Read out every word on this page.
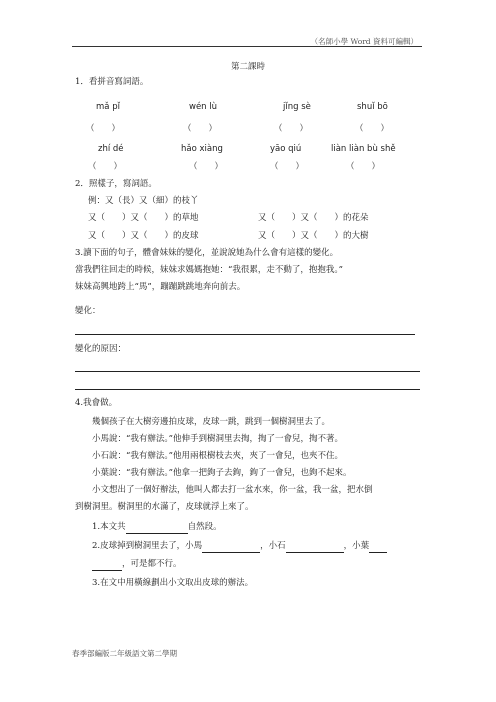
（名師小學 Word 資料可編輯）
第二課時
1．看拼音寫詞語。
mǎ pǐ	wén lù	jǐng sè	shuǐ bō
（　　）	（　　）	（　　）	（　　）
zhí dé	hǎo xiàng	yāo qiú	liàn liàn bù shě
（　　）	（　　）	（　　）	（　　）
2．照樣子，寫詞語。
例：又（長）又（細）的枝丫
又（　　）又（　　）的草地	又（　　）又（　　）的花朵
又（　　）又（　　）的皮球	又（　　）又（　　）的大樹
3.讀下面的句子，體會妹妹的變化，並說說她為什么會有這樣的變化。
當我們往回走的時候，妹妹求媽媽抱她：“我很累，走不動了，抱抱我。”
妹妹高興地跨上“馬”，蹦蹦跳跳地奔向前去。
變化：
變化的原因：
4.我會做。
幾個孩子在大樹旁邊拍皮球，皮球一跳，跳到一個樹洞里去了。
小馬說：“我有辦法。”他伸手到樹洞里去掏，掏了一會兒，掏不著。
小石說：“我有辦法。”他用兩根樹枝去夾，夾了一會兒，也夾不住。
小葉說：“我有辦法。”他拿一把鉤子去鉤，鉤了一會兒，也鉤不起來。
小文想出了一個好辦法，他叫人都去打一盆水來，你一盆，我一盆，把水倒
到樹洞里。樹洞里的水滿了，皮球就浮上來了。
1.本文共	自然段。
2.皮球掉到樹洞里去了，小馬	，小石	，小葉
，可是都不行。
3.在文中用橫線劃出小文取出皮球的辦法。
春季部編版二年級語文第二學期
